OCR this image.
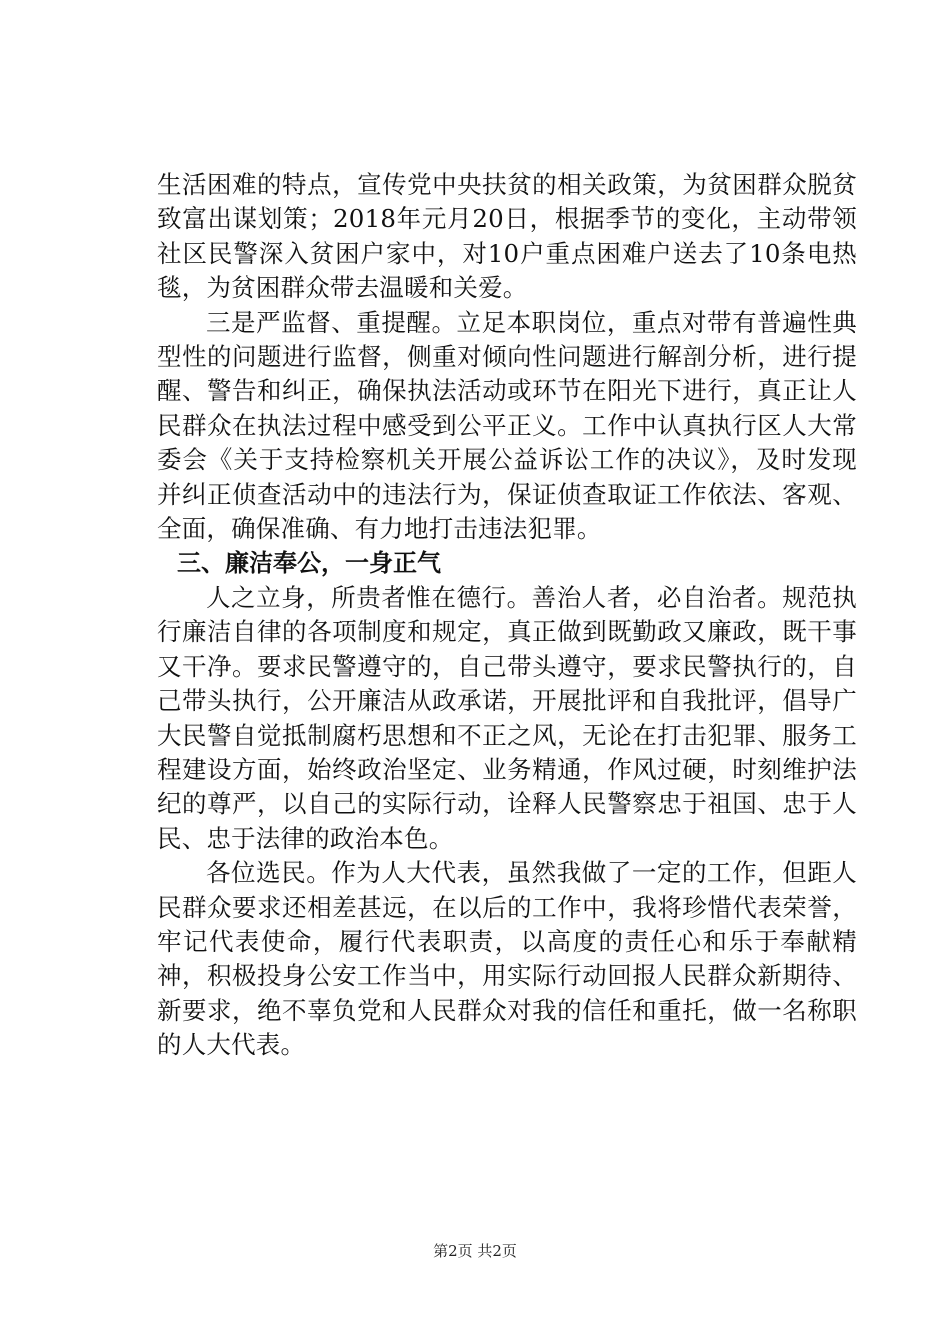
生活困难的特点，宣传党中央扶贫的相关政策，为贫困群众脱贫致富出谋划策；2018年元月20日，根据季节的变化，主动带领社区民警深入贫困户家中，对10户重点困难户送去了10条电热毯，为贫困群众带去温暖和关爱。

三是严监督、重提醒。立足本职岗位，重点对带有普遍性典型性的问题进行监督，侧重对倾向性问题进行解剖分析，进行提醒、警告和纠正，确保执法活动或环节在阳光下进行，真正让人民群众在执法过程中感受到公平正义。工作中认真执行区人大常委会《关于支持检察机关开展公益诉讼工作的决议》，及时发现并纠正侦查活动中的违法行为，保证侦查取证工作依法、客观、全面，确保准确、有力地打击违法犯罪。

三、廉洁奉公，一身正气

人之立身，所贵者惟在德行。善治人者，必自治者。规范执行廉洁自律的各项制度和规定，真正做到既勤政又廉政，既干事又干净。要求民警遵守的，自己带头遵守，要求民警执行的，自己带头执行，公开廉洁从政承诺，开展批评和自我批评，倡导广大民警自觉抵制腐朽思想和不正之风，无论在打击犯罪、服务工程建设方面，始终政治坚定、业务精通，作风过硬，时刻维护法纪的尊严，以自己的实际行动，诠释人民警察忠于祖国、忠于人民、忠于法律的政治本色。

各位选民。作为人大代表，虽然我做了一定的工作，但距人民群众要求还相差甚远，在以后的工作中，我将珍惜代表荣誉，牢记代表使命，履行代表职责，以高度的责任心和乐于奉献精神，积极投身公安工作当中，用实际行动回报人民群众新期待、新要求，绝不辜负党和人民群众对我的信任和重托，做一名称职的人大代表。

第2页 共2页
